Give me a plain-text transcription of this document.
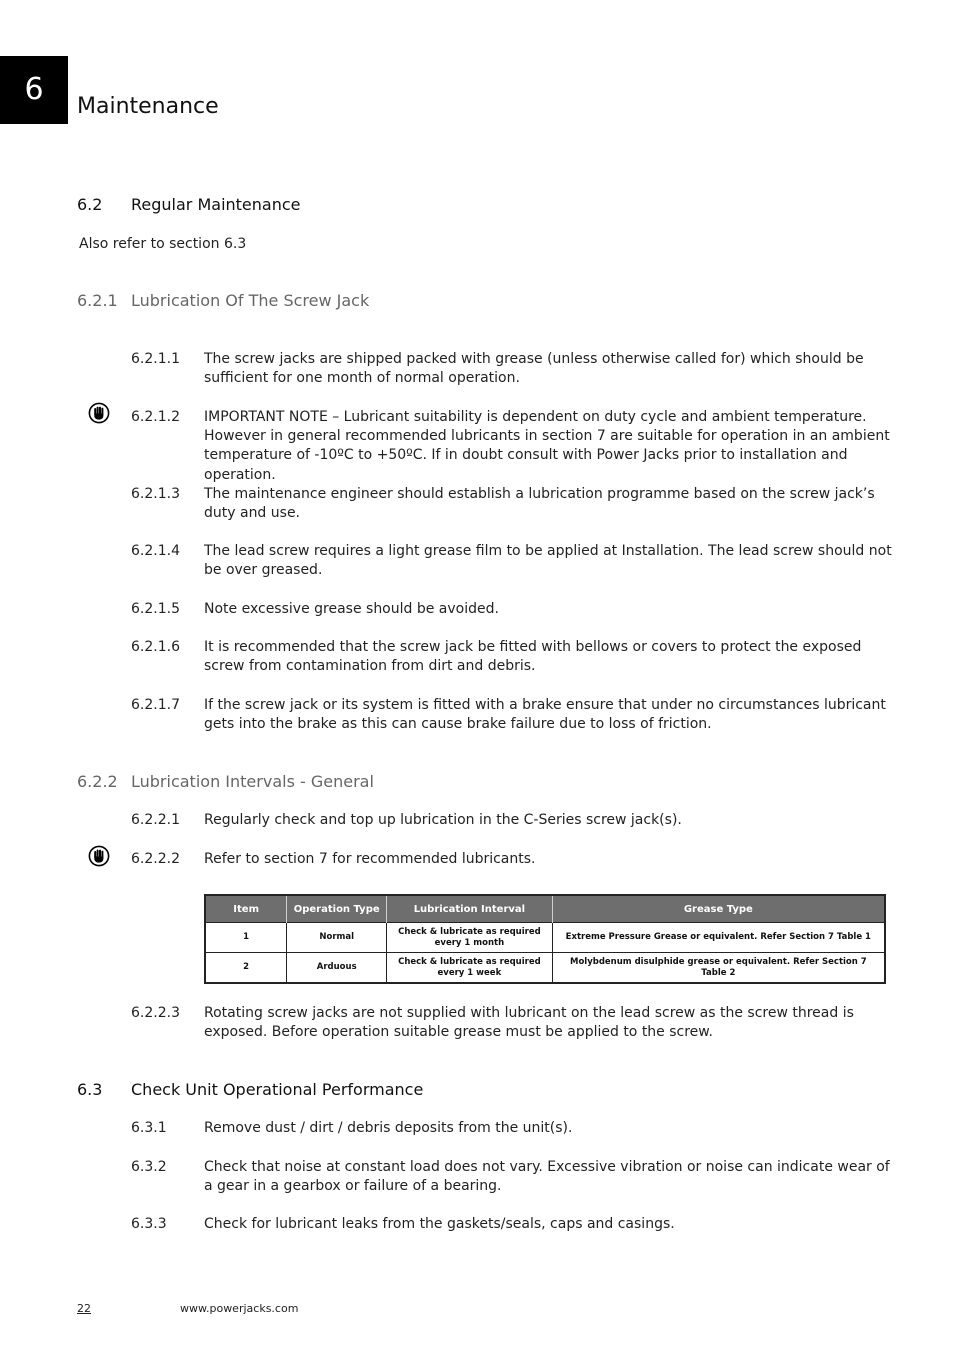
6	Maintenance
6.2 Regular Maintenance
Also refer to section 6.3
6.2.1 Lubrication Of The Screw Jack
6.2.1.1 The screw jacks are shipped packed with grease (unless otherwise called for) which should be sufficient for one month of normal operation.
6.2.1.2 IMPORTANT NOTE – Lubricant suitability is dependent on duty cycle and ambient temperature. However in general recommended lubricants in section 7 are suitable for operation in an ambient temperature of -10ºC to +50ºC. If in doubt consult with Power Jacks prior to installation and operation.
6.2.1.3 The maintenance engineer should establish a lubrication programme based on the screw jack’s duty and use.
6.2.1.4 The lead screw requires a light grease film to be applied at Installation. The lead screw should not be over greased.
6.2.1.5 Note excessive grease should be avoided.
6.2.1.6 It is recommended that the screw jack be fitted with bellows or covers to protect the exposed screw from contamination from dirt and debris.
6.2.1.7 If the screw jack or its system is fitted with a brake ensure that under no circumstances lubricant gets into the brake as this can cause brake failure due to loss of friction.
6.2.2 Lubrication Intervals - General
6.2.2.1 Regularly check and top up lubrication in the C-Series screw jack(s).
6.2.2.2 Refer to section 7 for recommended lubricants.
Item	Operation Type	Lubrication Interval	Grease Type
1	Normal	Check & lubricate as required every 1 month	Extreme Pressure Grease or equivalent. Refer Section 7 Table 1
2	Arduous	Check & lubricate as required every 1 week	Molybdenum disulphide grease or equivalent. Refer Section 7 Table 2
6.2.2.3 Rotating screw jacks are not supplied with lubricant on the lead screw as the screw thread is exposed. Before operation suitable grease must be applied to the screw.
6.3 Check Unit Operational Performance
6.3.1	Remove dust / dirt / debris deposits from the unit(s).
6.3.2	Check that noise at constant load does not vary. Excessive vibration or noise can indicate wear of a gear in a gearbox or failure of a bearing.
6.3.3	Check for lubricant leaks from the gaskets/seals, caps and casings.
22	www.powerjacks.com
